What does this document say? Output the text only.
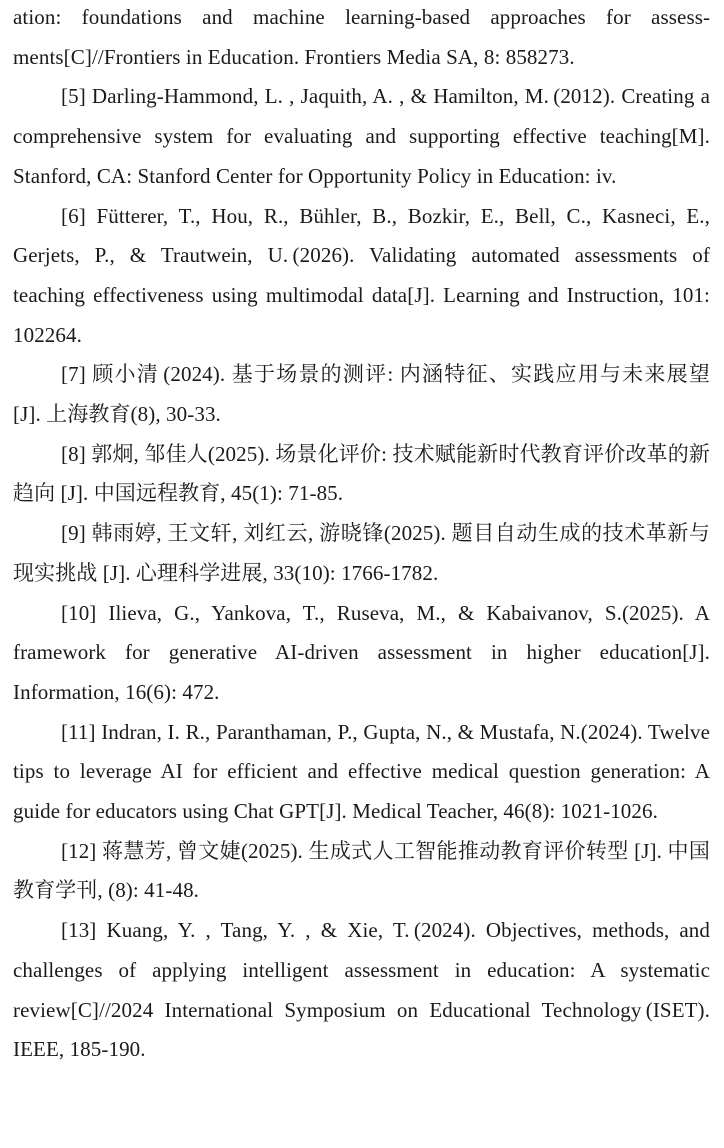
ation: foundations and machine learning-based approaches for assessments[C]//Frontiers in Education. Frontiers Media SA, 8: 858273.

[5] Darling-Hammond, L. , Jaquith, A. , & Hamilton, M. (2012). Creating a comprehensive system for evaluating and supporting effective teaching[M]. Stanford, CA: Stanford Center for Opportunity Policy in Education: iv.

[6] Fütterer, T., Hou, R., Bühler, B., Bozkir, E., Bell, C., Kasneci, E., Gerjets, P., & Trautwein, U. (2026). Validating automated assessments of teaching effectiveness using multimodal data[J]. Learning and Instruction, 101: 102264.

[7] 顾小清 (2024). 基于场景的测评: 内涵特征、实践应用与未来展望 [J]. 上海教育(8), 30-33.

[8] 郭炯, 邹佳人(2025). 场景化评价: 技术赋能新时代教育评价改革的新趋向 [J]. 中国远程教育, 45(1): 71-85.

[9] 韩雨婷, 王文轩, 刘红云, 游晓锋(2025). 题目自动生成的技术革新与现实挑战 [J]. 心理科学进展, 33(10): 1766-1782.

[10] Ilieva, G., Yankova, T., Ruseva, M., & Kabaivanov, S.(2025). A framework for generative AI-driven assessment in higher education[J]. Information, 16(6): 472.

[11] Indran, I. R., Paranthaman, P., Gupta, N., & Mustafa, N.(2024). Twelve tips to leverage AI for efficient and effective medical question generation: A guide for educators using Chat GPT[J]. Medical Teacher, 46(8): 1021-1026.

[12] 蒋慧芳, 曾文婕(2025). 生成式人工智能推动教育评价转型 [J]. 中国教育学刊, (8): 41-48.

[13] Kuang, Y. , Tang, Y. , & Xie, T. (2024). Objectives, methods, and challenges of applying intelligent assessment in education: A systematic review[C]//2024 International Symposium on Educational Technology (ISET). IEEE, 185-190.
